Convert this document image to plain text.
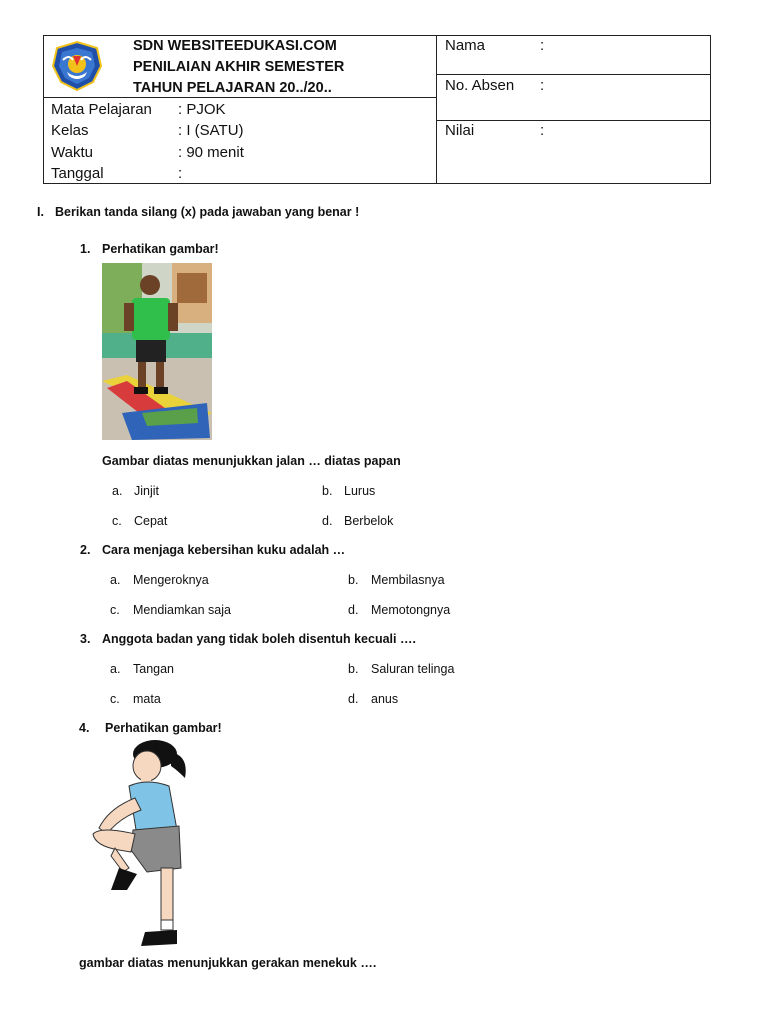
SDN WEBSITEEDUKASI.COM
PENILAIAN AKHIR SEMESTER
TAHUN PELAJARAN 20../20..
Mata Pelajaran : PJOK
Kelas	: I (SATU)
Waktu	: 90 menit
Tanggal	:
Nama	:
No. Absen :
Nilai	:
I. Berikan tanda silang (x) pada jawaban yang benar !
1. Perhatikan gambar!
Gambar diatas menunjukkan jalan … diatas papan
a. Jinjit	b. Lurus
c. Cepat	d. Berbelok
2. Cara menjaga kebersihan kuku adalah …
a. Mengeroknya	b. Membilasnya
c. Mendiamkan saja	d. Memotongnya
3. Anggota badan yang tidak boleh disentuh kecuali ….
a. Tangan	b. Saluran telinga
c. mata	d. anus
4. Perhatikan gambar!
gambar diatas menunjukkan gerakan menekuk ….
